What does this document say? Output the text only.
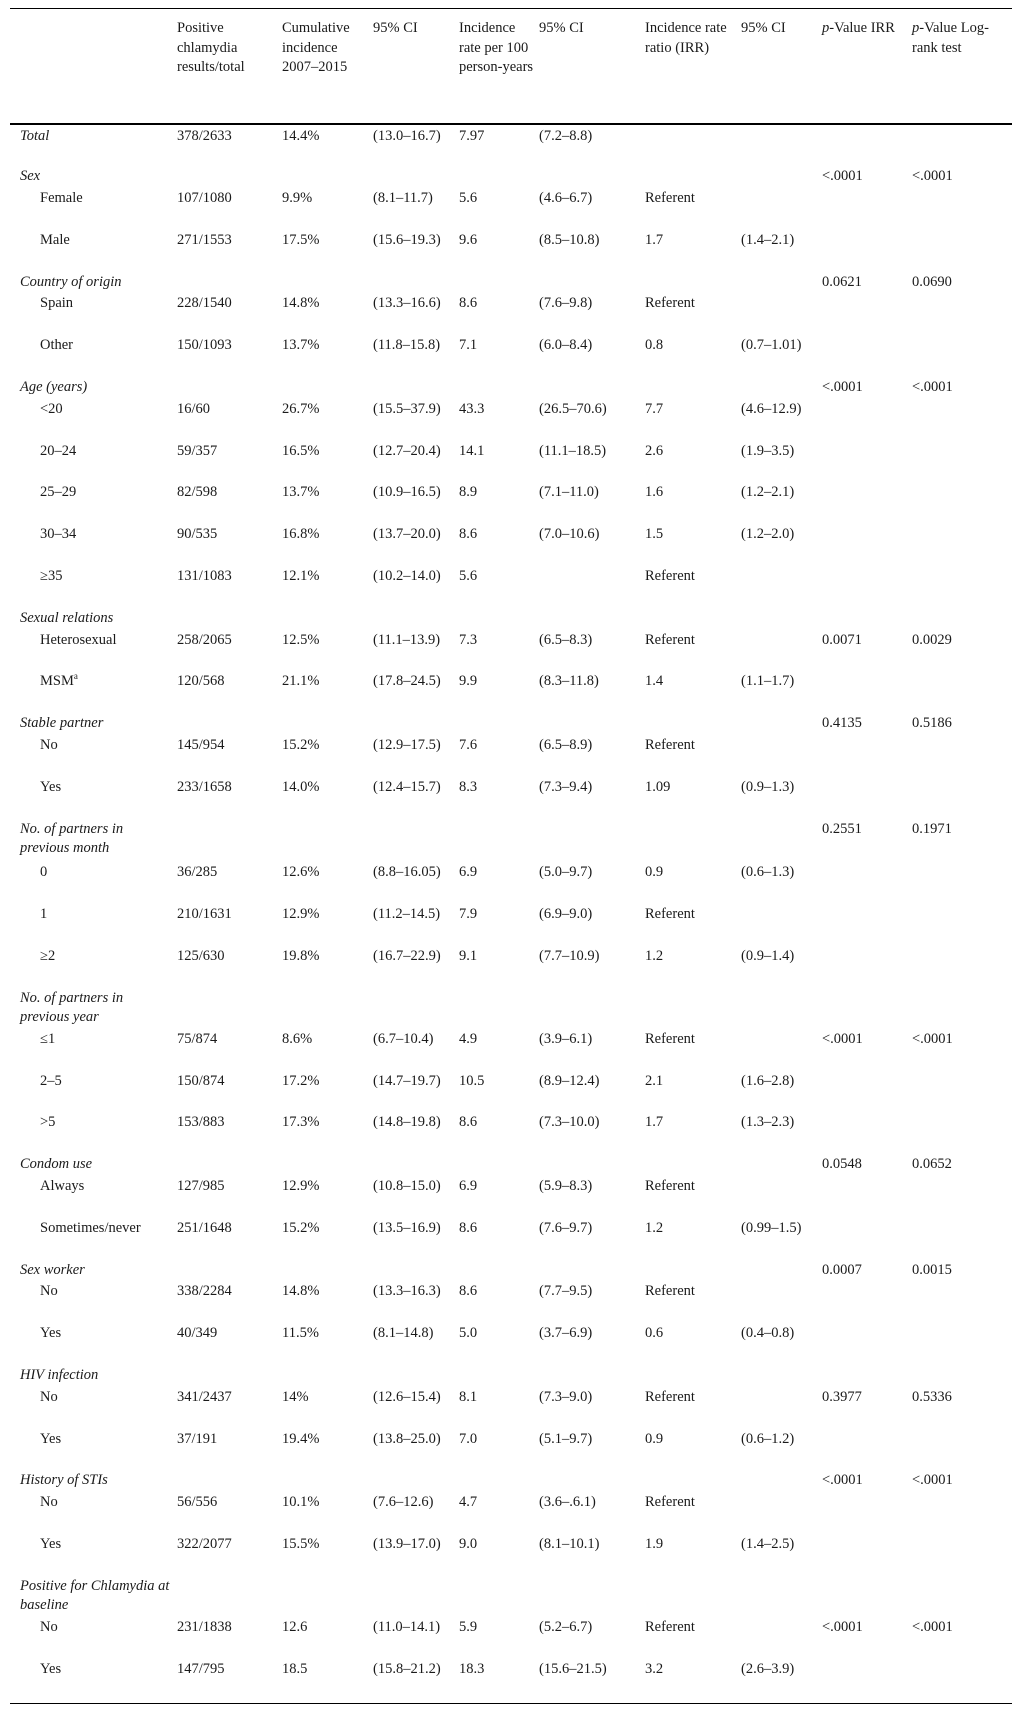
	Positive chlamydia results/total	Cumulative incidence 2007–2015	95% CI	Incidence rate per 100 person-years	95% CI	Incidence rate ratio (IRR)	95% CI	p-Value IRR	p-Value Log-rank test
Total	378/2633	14.4%	(13.0–16.7)	7.97	(7.2–8.8)				
Sex								<.0001	<.0001
Female	107/1080	9.9%	(8.1–11.7)	5.6	(4.6–6.7)	Referent			
Male	271/1553	17.5%	(15.6–19.3)	9.6	(8.5–10.8)	1.7	(1.4–2.1)		
Country of origin								0.0621	0.0690
Spain	228/1540	14.8%	(13.3–16.6)	8.6	(7.6–9.8)	Referent			
Other	150/1093	13.7%	(11.8–15.8)	7.1	(6.0–8.4)	0.8	(0.7–1.01)		
Age (years)								<.0001	<.0001
<20	16/60	26.7%	(15.5–37.9)	43.3	(26.5–70.6)	7.7	(4.6–12.9)		
20–24	59/357	16.5%	(12.7–20.4)	14.1	(11.1–18.5)	2.6	(1.9–3.5)		
25–29	82/598	13.7%	(10.9–16.5)	8.9	(7.1–11.0)	1.6	(1.2–2.1)		
30–34	90/535	16.8%	(13.7–20.0)	8.6	(7.0–10.6)	1.5	(1.2–2.0)		
≥35	131/1083	12.1%	(10.2–14.0)	5.6		Referent			
Sexual relations									
Heterosexual	258/2065	12.5%	(11.1–13.9)	7.3	(6.5–8.3)	Referent		0.0071	0.0029
MSM$^a$	120/568	21.1%	(17.8–24.5)	9.9	(8.3–11.8)	1.4	(1.1–1.7)		
Stable partner								0.4135	0.5186
No	145/954	15.2%	(12.9–17.5)	7.6	(6.5–8.9)	Referent			
Yes	233/1658	14.0%	(12.4–15.7)	8.3	(7.3–9.4)	1.09	(0.9–1.3)		
No. of partners in previous month								0.2551	0.1971
0	36/285	12.6%	(8.8–16.05)	6.9	(5.0–9.7)	0.9	(0.6–1.3)		
1	210/1631	12.9%	(11.2–14.5)	7.9	(6.9–9.0)	Referent			
≥2	125/630	19.8%	(16.7–22.9)	9.1	(7.7–10.9)	1.2	(0.9–1.4)		
No. of partners in previous year									
≤1	75/874	8.6%	(6.7–10.4)	4.9	(3.9–6.1)	Referent		<.0001	<.0001
2–5	150/874	17.2%	(14.7–19.7)	10.5	(8.9–12.4)	2.1	(1.6–2.8)		
>5	153/883	17.3%	(14.8–19.8)	8.6	(7.3–10.0)	1.7	(1.3–2.3)		
Condom use								0.0548	0.0652
Always	127/985	12.9%	(10.8–15.0)	6.9	(5.9–8.3)	Referent			
Sometimes/never	251/1648	15.2%	(13.5–16.9)	8.6	(7.6–9.7)	1.2	(0.99–1.5)		
Sex worker								0.0007	0.0015
No	338/2284	14.8%	(13.3–16.3)	8.6	(7.7–9.5)	Referent			
Yes	40/349	11.5%	(8.1–14.8)	5.0	(3.7–6.9)	0.6	(0.4–0.8)		
HIV infection									
No	341/2437	14%	(12.6–15.4)	8.1	(7.3–9.0)	Referent		0.3977	0.5336
Yes	37/191	19.4%	(13.8–25.0)	7.0	(5.1–9.7)	0.9	(0.6–1.2)		
History of STIs								<.0001	<.0001
No	56/556	10.1%	(7.6–12.6)	4.7	(3.6–.6.1)	Referent			
Yes	322/2077	15.5%	(13.9–17.0)	9.0	(8.1–10.1)	1.9	(1.4–2.5)		
Positive for Chlamydia at baseline									
No	231/1838	12.6	(11.0–14.1)	5.9	(5.2–6.7)	Referent		<.0001	<.0001
Yes	147/795	18.5	(15.8–21.2)	18.3	(15.6–21.5)	3.2	(2.6–3.9)		
